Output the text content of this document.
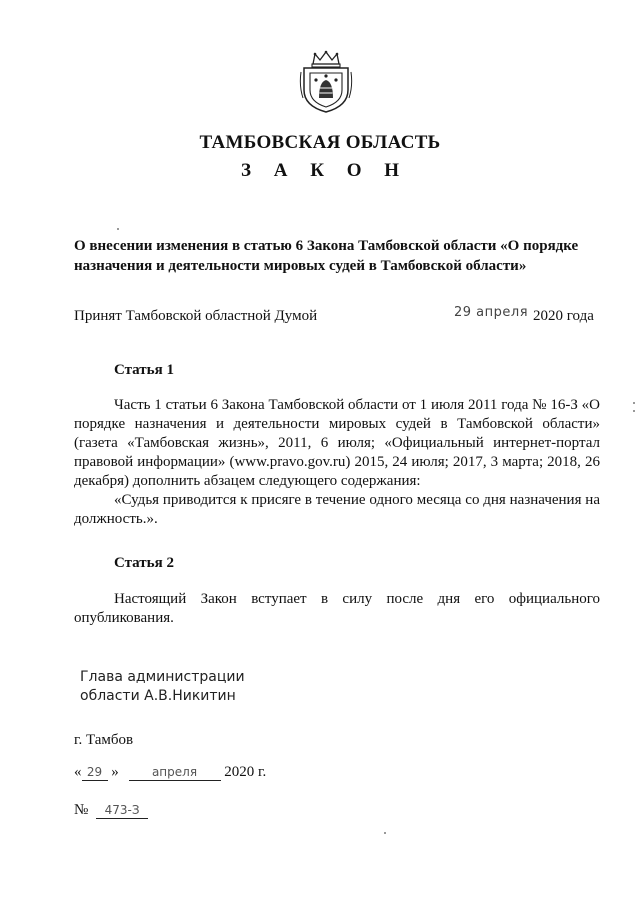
ТАМБОВСКАЯ ОБЛАСТЬ
З А К О Н
О внесении изменения в статью 6 Закона Тамбовской области «О порядке назначения и деятельности мировых судей в Тамбовской области»
Принят Тамбовской областной Думой	29 апреля 2020 года
Статья 1

Часть 1 статьи 6 Закона Тамбовской области от 1 июля 2011 года № 16-З «О порядке назначения и деятельности мировых судей в Тамбовской области» (газета «Тамбовская жизнь», 2011, 6 июля; «Официальный интернет-портал правовой информации» (www.pravo.gov.ru) 2015, 24 июля; 2017, 3 марта; 2018, 26 декабря) дополнить абзацем следующего содержания:

«Судья приводится к присяге в течение одного месяца со дня назначения на должность.».

Статья 2

Настоящий Закон вступает в силу после дня его официального опубликования.

Глава администрации
области А.В.Никитин
г. Тамбов
« 29 »	апреля 2020 г.
№ 473-З
